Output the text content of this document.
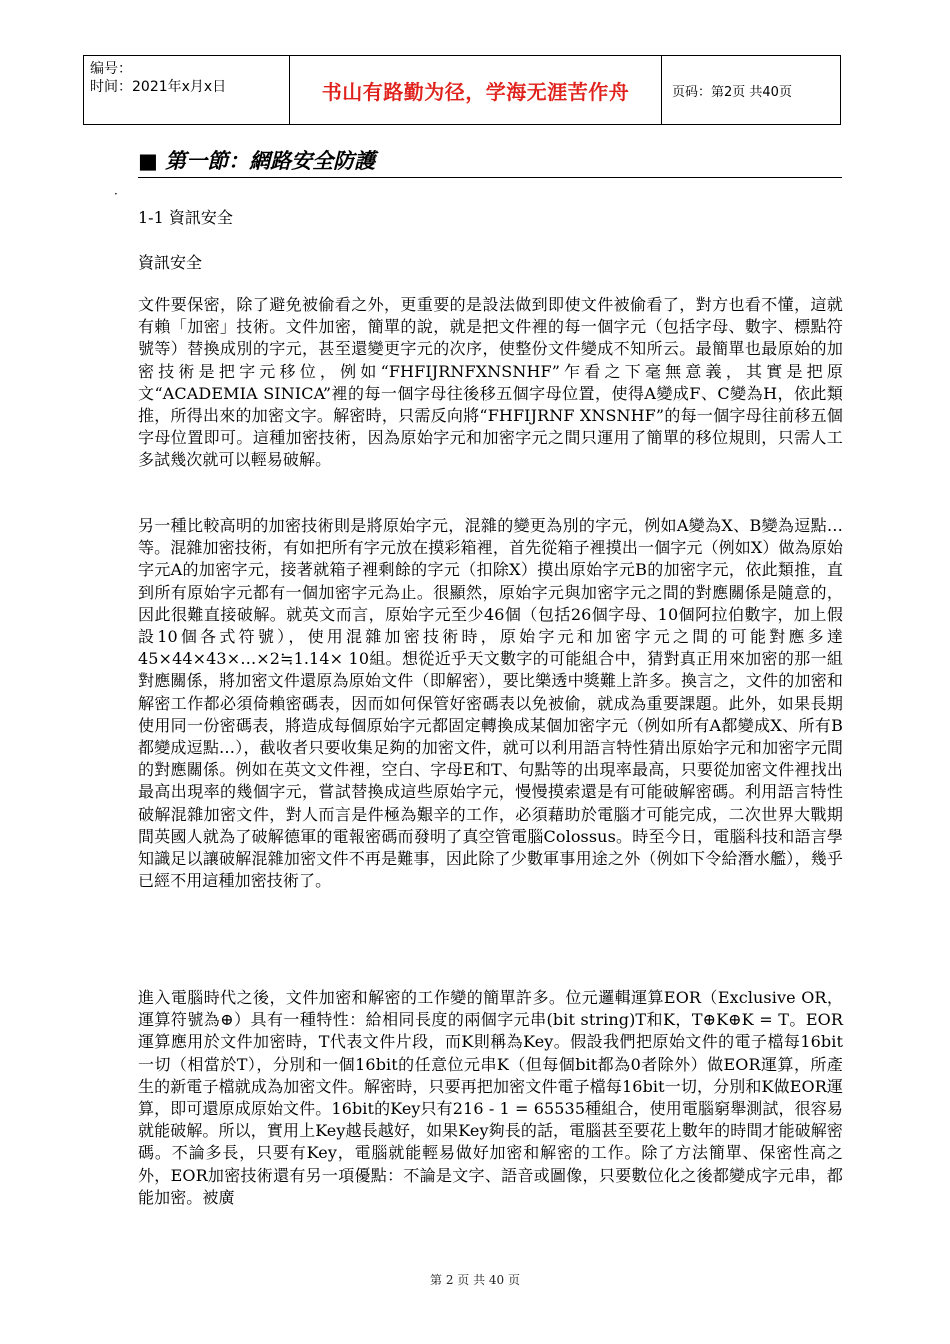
编号：
时间：2021年x月x日	书山有路勤为径，学海无涯苦作舟	页码：第2页 共40页
■ 第一節：網路安全防護
·
1-1 資訊安全
資訊安全

文件要保密，除了避免被偷看之外，更重要的是設法做到即使文件被偷看了，對方也看不懂，這就有賴「加密」技術。文件加密，簡單的說，就是把文件裡的每一個字元（包括字母、數字、標點符號等）替換成別的字元，甚至還變更字元的次序，使整份文件變成不知所云。最簡單也最原始的加密技術是把字元移位，例如“FHFIJRNFXNSNHF”乍看之下毫無意義，其實是把原文“ACADEMIA SINICA”裡的每一個字母往後移五個字母位置，使得A變成F、C變為H，依此類推，所得出來的加密文字。解密時，只需反向將“FHFIJRNF XNSNHF”的每一個字母往前移五個字母位置即可。這種加密技術，因為原始字元和加密字元之間只運用了簡單的移位規則，只需人工多試幾次就可以輕易破解。

另一種比較高明的加密技術則是將原始字元，混雜的變更為別的字元，例如A變為X、B變為逗點…等。混雜加密技術，有如把所有字元放在摸彩箱裡，首先從箱子裡摸出一個字元（例如X）做為原始字元A的加密字元，接著就箱子裡剩餘的字元（扣除X）摸出原始字元B的加密字元，依此類推，直到所有原始字元都有一個加密字元為止。很顯然，原始字元與加密字元之間的對應關係是隨意的，因此很難直接破解。就英文而言，原始字元至少46個（包括26個字母、10個阿拉伯數字，加上假設10個各式符號），使用混雜加密技術時，原始字元和加密字元之間的可能對應多達45×44×43×…×2≒1.14× 10組。想從近乎天文數字的可能組合中，猜對真正用來加密的那一組對應關係，將加密文件還原為原始文件（即解密），要比樂透中獎難上許多。換言之，文件的加密和解密工作都必須倚賴密碼表，因而如何保管好密碼表以免被偷，就成為重要課題。此外，如果長期使用同一份密碼表，將造成每個原始字元都固定轉換成某個加密字元（例如所有A都變成X、所有B都變成逗點…），截收者只要收集足夠的加密文件，就可以利用語言特性猜出原始字元和加密字元間的對應關係。例如在英文文件裡，空白、字母E和T、句點等的出現率最高，只要從加密文件裡找出最高出現率的幾個字元，嘗試替換成這些原始字元，慢慢摸索還是有可能破解密碼。利用語言特性破解混雜加密文件，對人而言是件極為艱辛的工作，必須藉助於電腦才可能完成，二次世界大戰期間英國人就為了破解德軍的電報密碼而發明了真空管電腦Colossus。時至今日，電腦科技和語言學知識足以讓破解混雜加密文件不再是難事，因此除了少數軍事用途之外（例如下令給潛水艦），幾乎已經不用這種加密技術了。

進入電腦時代之後，文件加密和解密的工作變的簡單許多。位元邏輯運算EOR（Exclusive OR，運算符號為⊕）具有一種特性：給相同長度的兩個字元串(bit string)T和K，T⊕K⊕K = T。EOR運算應用於文件加密時，T代表文件片段，而K則稱為Key。假設我們把原始文件的電子檔每16bit一切（相當於T），分別和一個16bit的任意位元串K（但每個bit都為0者除外）做EOR運算，所產生的新電子檔就成為加密文件。解密時，只要再把加密文件電子檔每16bit一切，分別和K做EOR運算，即可還原成原始文件。16bit的Key只有216 - 1 = 65535種組合，使用電腦窮舉測試，很容易就能破解。所以，實用上Key越長越好，如果Key夠長的話，電腦甚至要花上數年的時間才能破解密碼。不論多長，只要有Key，電腦就能輕易做好加密和解密的工作。除了方法簡單、保密性高之外，EOR加密技術還有另一項優點：不論是文字、語音或圖像，只要數位化之後都變成字元串，都能加密。被廣

第 2 页 共 40 页
